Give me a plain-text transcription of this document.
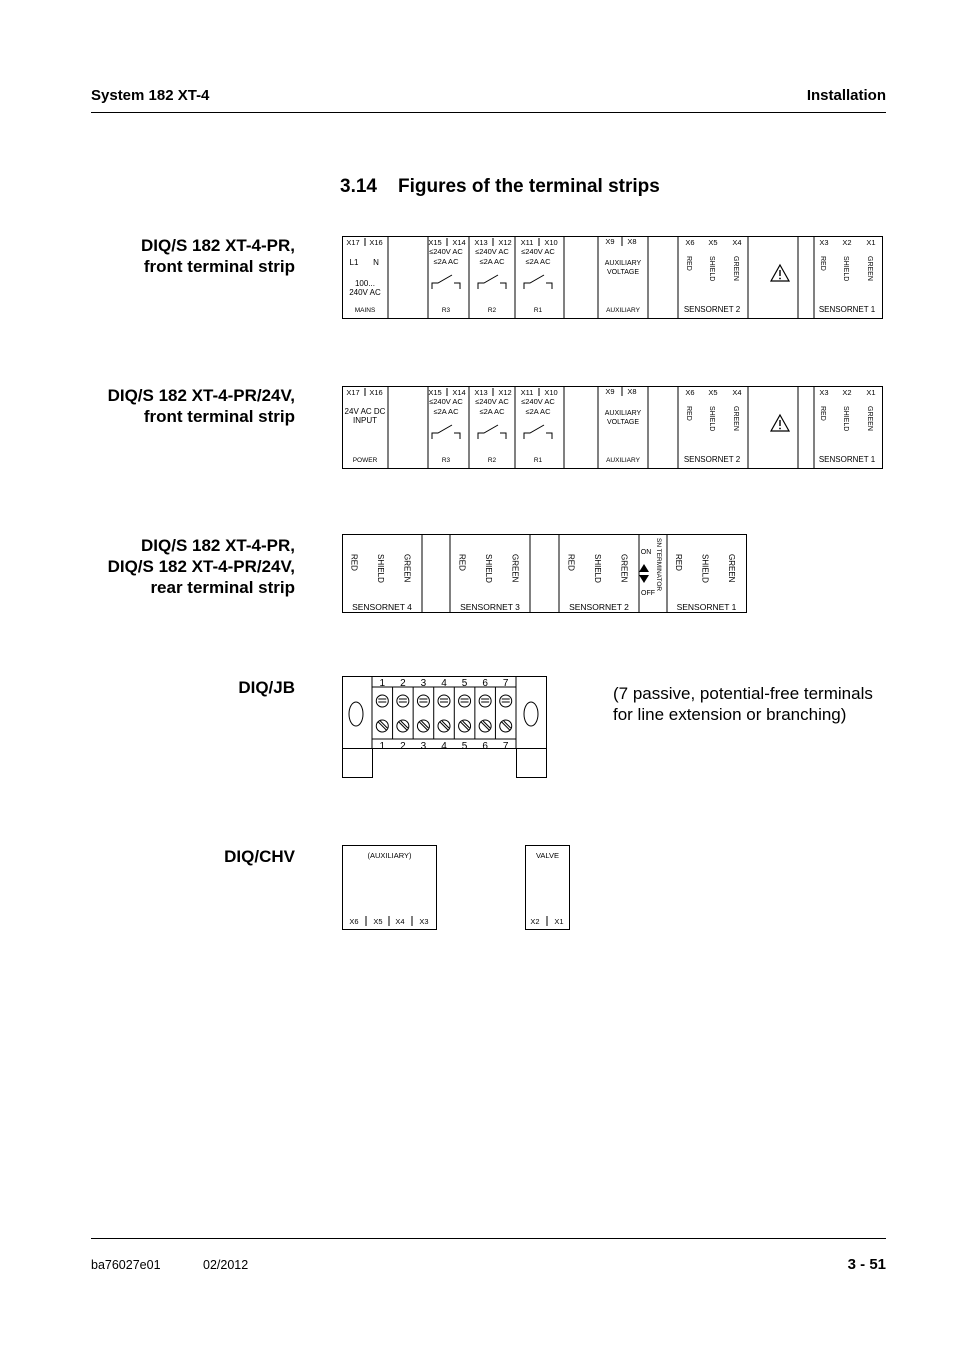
System 182 XT-4	Installation
3.14 Figures of the terminal strips
DIQ/S 182 XT-4-PR,
front terminal strip
DIQ/S 182 XT-4-PR/24V,
front terminal strip
DIQ/S 182 XT-4-PR,
DIQ/S 182 XT-4-PR/24V,
rear terminal strip
DIQ/JB
DIQ/CHV
(7 passive, potential-free terminals
for line extension or branching)
X17 X16
L1 N
100...
240V AC
MAINS
X15 X14
≤240V AC
≤2A AC
R3
X13 X12
≤240V AC
≤2A AC
R2
X11 X10
≤240V AC
≤2A AC
R1
X9 X8
AUXILIARY
VOLTAGE
AUXILIARY
X6 X5 X4
RED SHIELD GREEN
SENSORNET 2
X3 X2 X1
RED SHIELD GREEN
SENSORNET 1
X17 X16
24V AC DC
INPUT
POWER
X15 X14
≤240V AC
≤2A AC
R3
X13 X12
≤240V AC
≤2A AC
R2
X11 X10
≤240V AC
≤2A AC
R1
X9 X8
AUXILIARY
VOLTAGE
AUXILIARY
X6 X5 X4
RED SHIELD GREEN
SENSORNET 2
X3 X2 X1
RED SHIELD GREEN
SENSORNET 1
RED SHIELD GREEN
SENSORNET 4
RED SHIELD GREEN
SENSORNET 3
RED SHIELD GREEN
SENSORNET 2
RED SHIELD GREEN
SENSORNET 1
ON
OFF
SN TERMINATOR
1
1
2
2
3
3
4
4
5
5
6
6
7
7
(AUXILIARY)
X6 X5 X4 X3
VALVE
X2 X1
ba76027e01	02/2012	3 - 51
